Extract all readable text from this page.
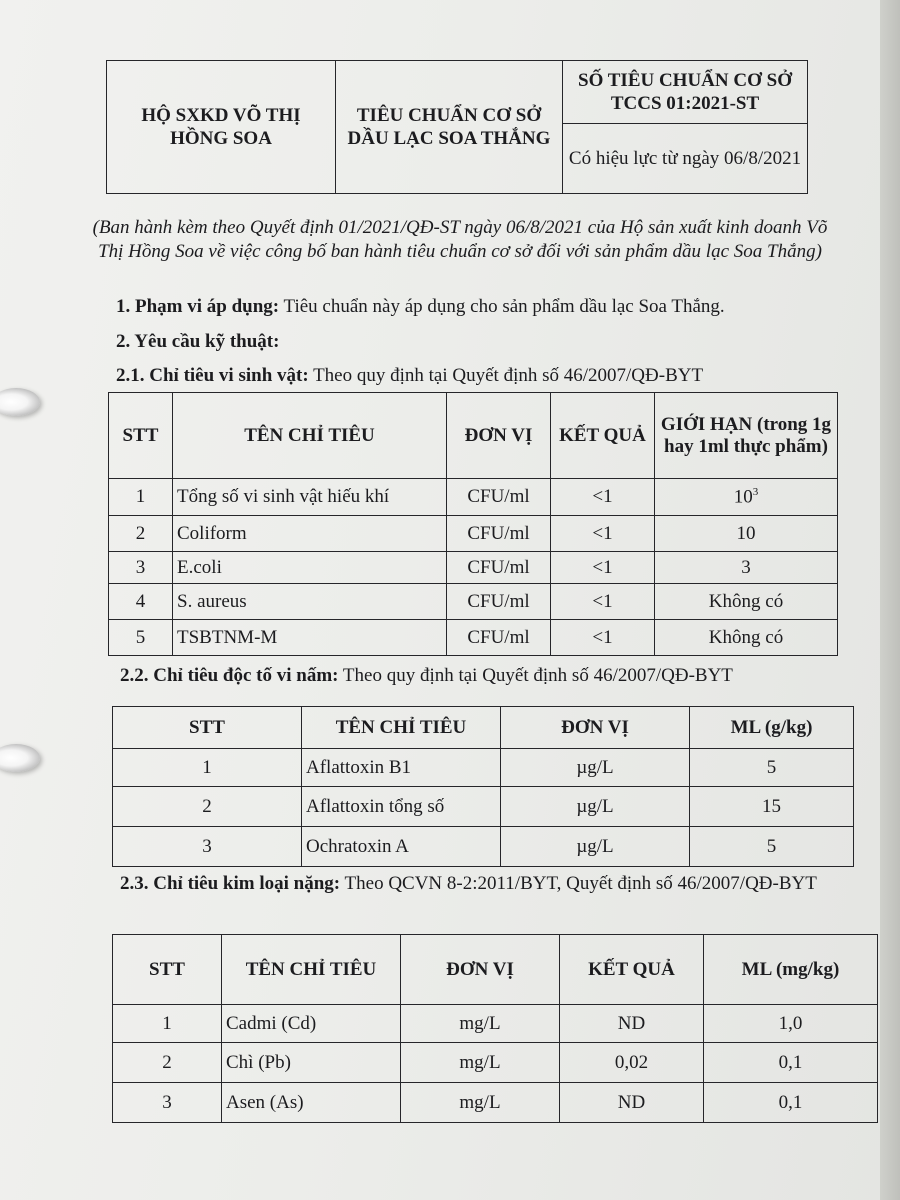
HỘ SXKD VÕ THỊ HỒNG SOA	TIÊU CHUẨN CƠ SỞ DẦU LẠC SOA THẮNG	SỐ TIÊU CHUẨN CƠ SỞ TCCS 01:2021-ST
Có hiệu lực từ ngày 06/8/2021
(Ban hành kèm theo Quyết định 01/2021/QĐ-ST ngày 06/8/2021 của Hộ sản xuất kinh doanh Võ Thị Hồng Soa về việc công bố ban hành tiêu chuẩn cơ sở đối với sản phẩm dầu lạc Soa Thắng)
1. Phạm vi áp dụng: Tiêu chuẩn này áp dụng cho sản phẩm dầu lạc Soa Thắng.
2. Yêu cầu kỹ thuật:
2.1. Chỉ tiêu vi sinh vật: Theo quy định tại Quyết định số 46/2007/QĐ-BYT
STT	TÊN CHỈ TIÊU	ĐƠN VỊ	KẾT QUẢ	GIỚI HẠN (trong 1g hay 1ml thực phẩm)
1	Tổng số vi sinh vật hiếu khí	CFU/ml	<1	$10^3$
2	Coliform	CFU/ml	<1	10
3	E.coli	CFU/ml	<1	3
4	S. aureus	CFU/ml	<1	Không có
5	TSBTNM-M	CFU/ml	<1	Không có
2.2. Chỉ tiêu độc tố vi nấm: Theo quy định tại Quyết định số 46/2007/QĐ-BYT
STT	TÊN CHỈ TIÊU	ĐƠN VỊ	ML (g/kg)
1	Aflattoxin B1	µg/L	5
2	Aflattoxin tổng số	µg/L	15
3	Ochratoxin A	µg/L	5
2.3. Chỉ tiêu kim loại nặng: Theo QCVN 8-2:2011/BYT, Quyết định số 46/2007/QĐ-BYT
STT	TÊN CHỈ TIÊU	ĐƠN VỊ	KẾT QUẢ	ML (mg/kg)
1	Cadmi (Cd)	mg/L	ND	1,0
2	Chì (Pb)	mg/L	0,02	0,1
3	Asen (As)	mg/L	ND	0,1
